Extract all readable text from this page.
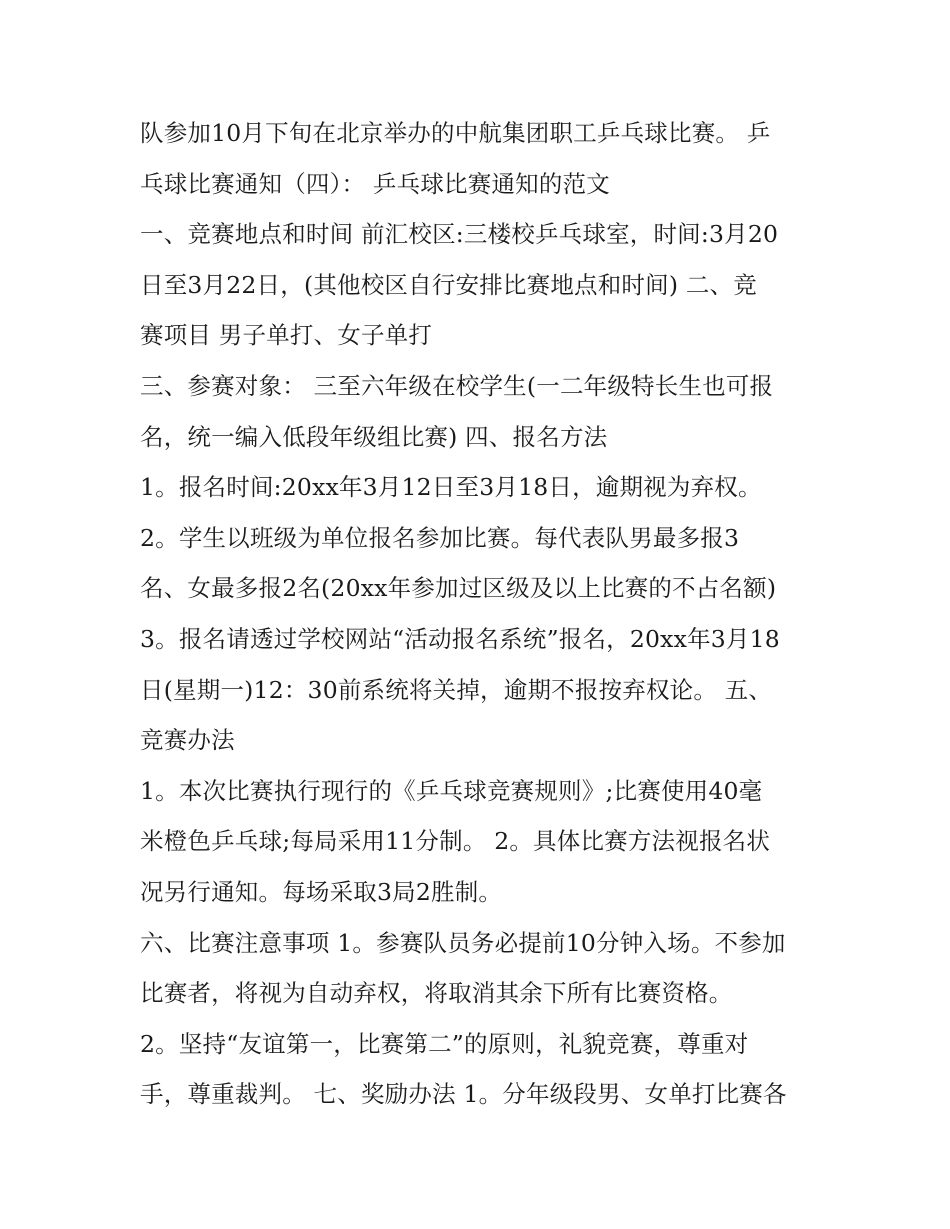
队参加10月下旬在北京举办的中航集团职工乒乓球比赛。 乒
乓球比赛通知（四）： 乒乓球比赛通知的范文
一、竞赛地点和时间 前汇校区:三楼校乒乓球室，时间:3月20
日至3月22日，(其他校区自行安排比赛地点和时间) 二、竞
赛项目 男子单打、女子单打
三、参赛对象： 三至六年级在校学生(一二年级特长生也可报
名，统一编入低段年级组比赛) 四、报名方法
1。报名时间:20xx年3月12日至3月18日，逾期视为弃权。
2。学生以班级为单位报名参加比赛。每代表队男最多报3
名、女最多报2名(20xx年参加过区级及以上比赛的不占名额)
3。报名请透过学校网站“活动报名系统”报名，20xx年3月18
日(星期一)12：30前系统将关掉，逾期不报按弃权论。 五、
竞赛办法
1。本次比赛执行现行的《乒乓球竞赛规则》;比赛使用40毫
米橙色乒乓球;每局采用11分制。 2。具体比赛方法视报名状
况另行通知。每场采取3局2胜制。
六、比赛注意事项 1。参赛队员务必提前10分钟入场。不参加
比赛者，将视为自动弃权，将取消其余下所有比赛资格。
2。坚持“友谊第一，比赛第二”的原则，礼貌竞赛，尊重对
手，尊重裁判。 七、奖励办法 1。分年级段男、女单打比赛各
